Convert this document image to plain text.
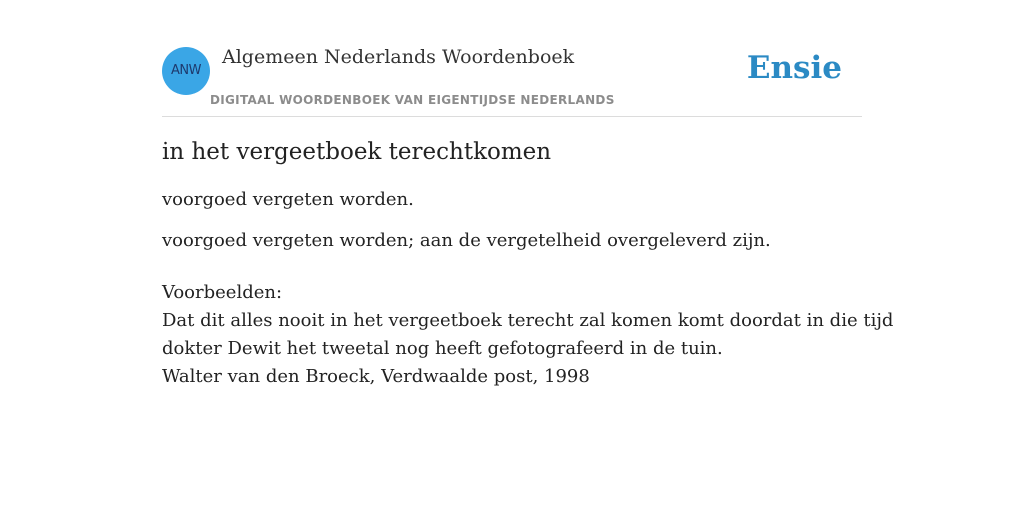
ANW
Algemeen Nederlands Woordenboek
DIGITAAL WOORDENBOEK VAN EIGENTIJDSE NEDERLANDS
Ensie
in het vergeetboek terechtkomen
voorgoed vergeten worden.
voorgoed vergeten worden; aan de vergetelheid overgeleverd zijn.
Voorbeelden:
Dat dit alles nooit in het vergeetboek terecht zal komen komt doordat in die tijd
dokter Dewit het tweetal nog heeft gefotografeerd in de tuin.
Walter van den Broeck, Verdwaalde post, 1998
